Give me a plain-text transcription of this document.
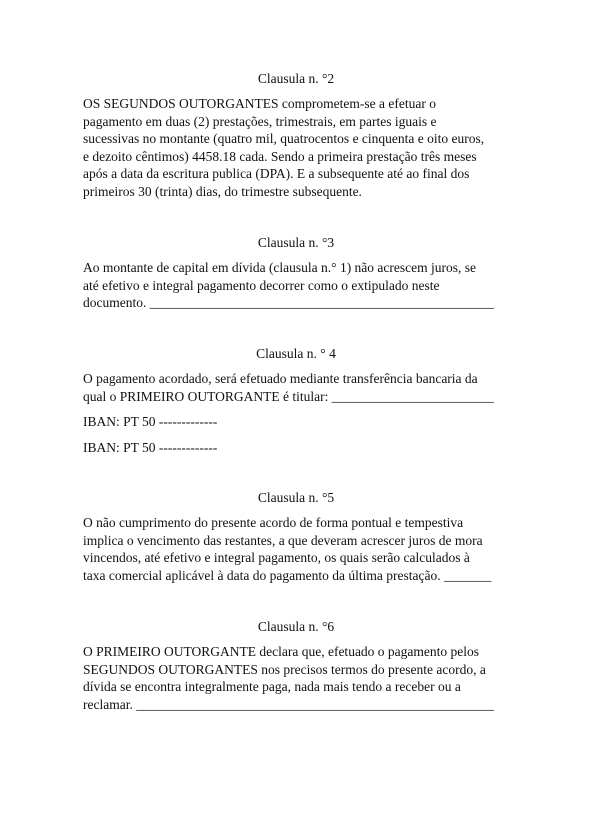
Clausula n. °2

OS SEGUNDOS OUTORGANTES comprometem-se a efetuar o
pagamento em duas (2) prestações, trimestrais, em partes iguais e
sucessivas no montante (quatro mil, quatrocentos e cinquenta e oito euros,
e dezoito cêntimos) 4458.18 cada. Sendo a primeira prestação três meses
após a data da escritura publica (DPA). E a subsequente até ao final dos
primeiros 30 (trinta) dias, do trimestre subsequente.

Clausula n. °3

Ao montante de capital em dívida (clausula n.° 1) não acrescem juros, se
até efetivo e integral pagamento decorrer como o extipulado neste
documento. ___________________________________________________

Clausula n. ° 4

O pagamento acordado, será efetuado mediante transferência bancaria da
qual o PRIMEIRO OUTORGANTE é titular: ________________________

IBAN: PT 50 -------------

IBAN: PT 50 -------------

Clausula n. °5

O não cumprimento do presente acordo de forma pontual e tempestiva
implica o vencimento das restantes, a que deveram acrescer juros de mora
vincendos, até efetivo e integral pagamento, os quais serão calculados à
taxa comercial aplicável à data do pagamento da última prestação. _______

Clausula n. °6

O PRIMEIRO OUTORGANTE declara que, efetuado o pagamento pelos
SEGUNDOS OUTORGANTES nos precisos termos do presente acordo, a
dívida se encontra integralmente paga, nada mais tendo a receber ou a
reclamar. _____________________________________________________
